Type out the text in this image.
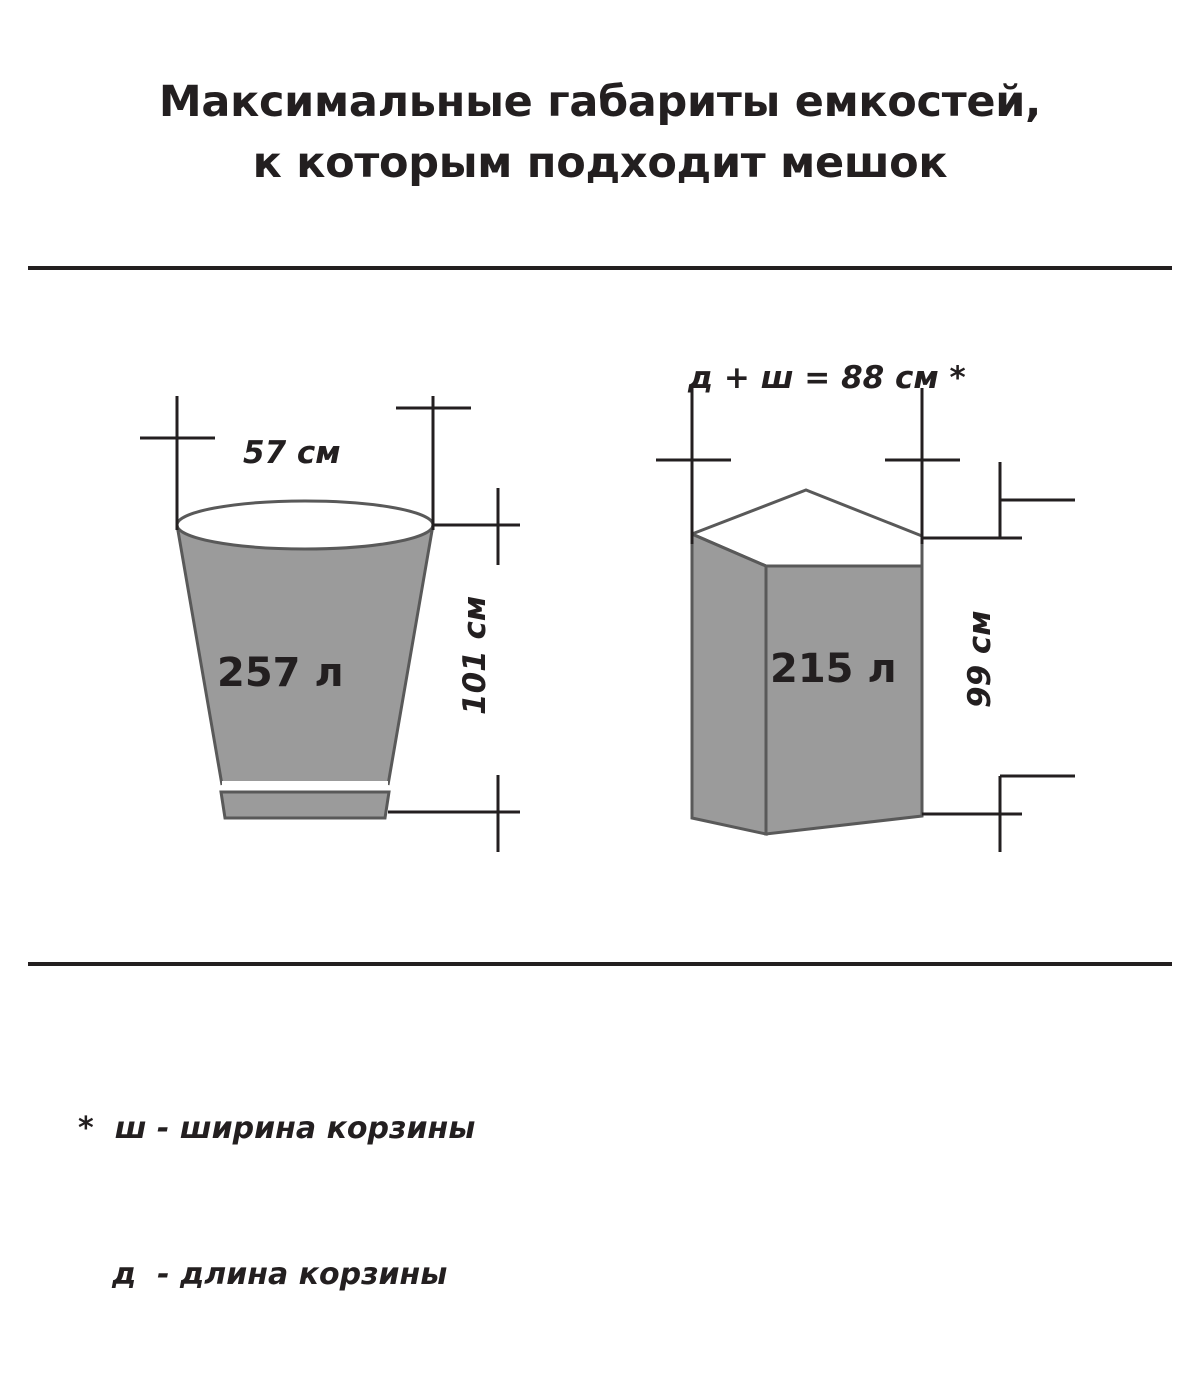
Максимальные габариты емкостей,
к которым подходит мешок
57 см
101 см
257 л
д + ш = 88 см *
99 см
215 л

*  ш - ширина корзины

д  - длина корзины
